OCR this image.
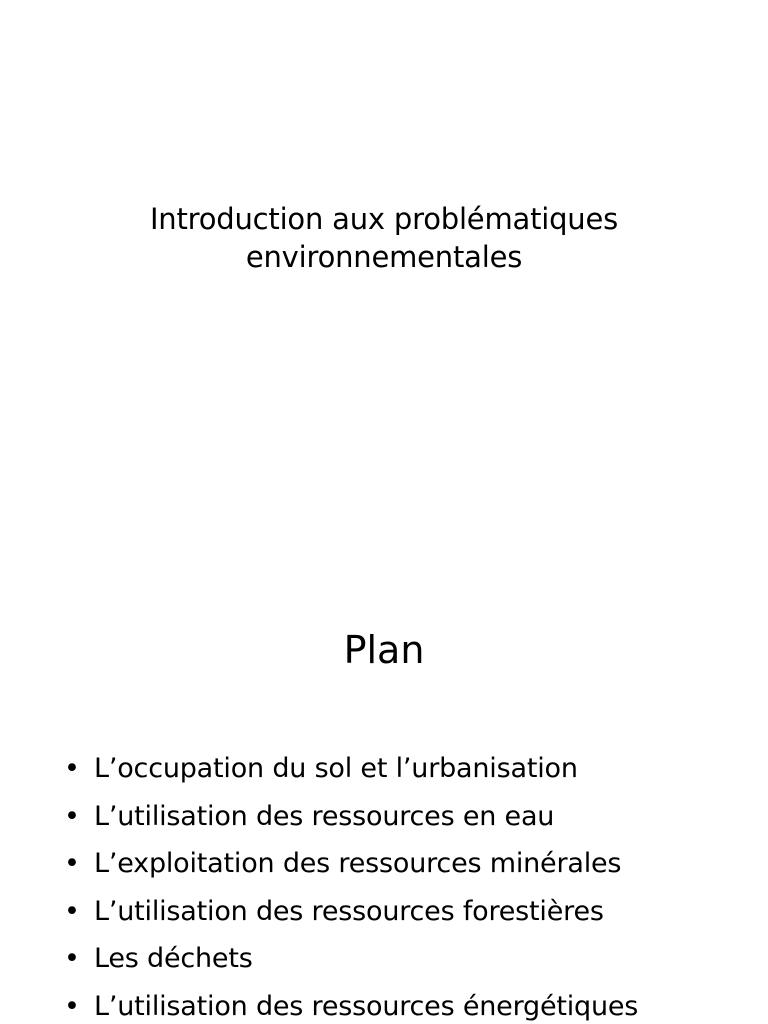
Introduction aux problématiques
environnementales
Plan
• L’occupation du sol et l’urbanisation
• L’utilisation des ressources en eau
• L’exploitation des ressources minérales
• L’utilisation des ressources forestières
• Les déchets
• L’utilisation des ressources énergétiques
